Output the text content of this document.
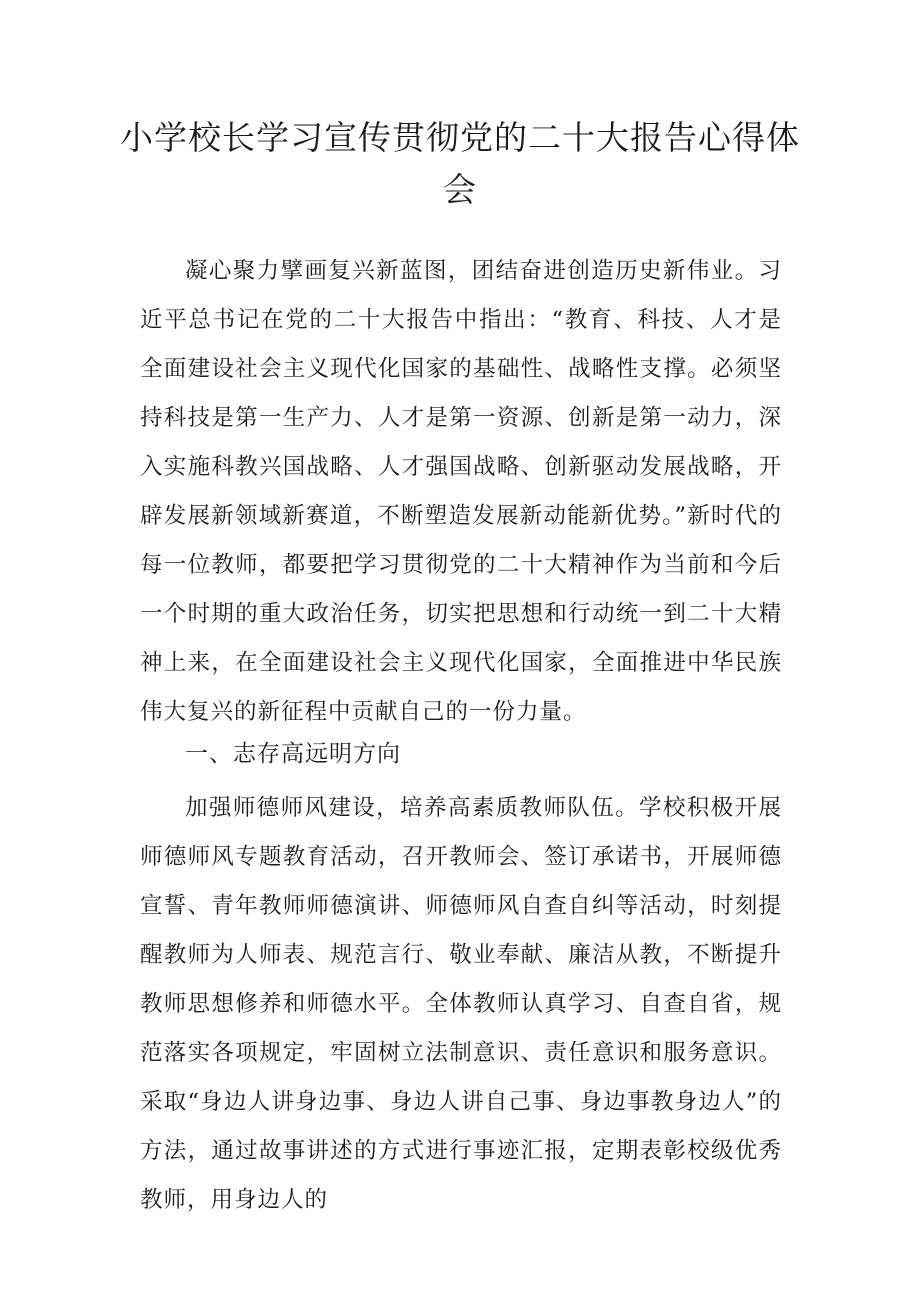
小学校长学习宣传贯彻党的二十大报告心得体会

凝心聚力擘画复兴新蓝图，团结奋进创造历史新伟业。习近平总书记在党的二十大报告中指出：“教育、科技、人才是全面建设社会主义现代化国家的基础性、战略性支撑。必须坚持科技是第一生产力、人才是第一资源、创新是第一动力，深入实施科教兴国战略、人才强国战略、创新驱动发展战略，开辟发展新领域新赛道，不断塑造发展新动能新优势。”新时代的每一位教师，都要把学习贯彻党的二十大精神作为当前和今后一个时期的重大政治任务，切实把思想和行动统一到二十大精神上来，在全面建设社会主义现代化国家，全面推进中华民族伟大复兴的新征程中贡献自己的一份力量。

一、志存高远明方向

加强师德师风建设，培养高素质教师队伍。学校积极开展师德师风专题教育活动，召开教师会、签订承诺书，开展师德宣誓、青年教师师德演讲、师德师风自查自纠等活动，时刻提醒教师为人师表、规范言行、敬业奉献、廉洁从教，不断提升教师思想修养和师德水平。全体教师认真学习、自查自省，规范落实各项规定，牢固树立法制意识、责任意识和服务意识。采取“身边人讲身边事、身边人讲自己事、身边事教身边人”的方法，通过故事讲述的方式进行事迹汇报，定期表彰校级优秀教师，用身边人的
